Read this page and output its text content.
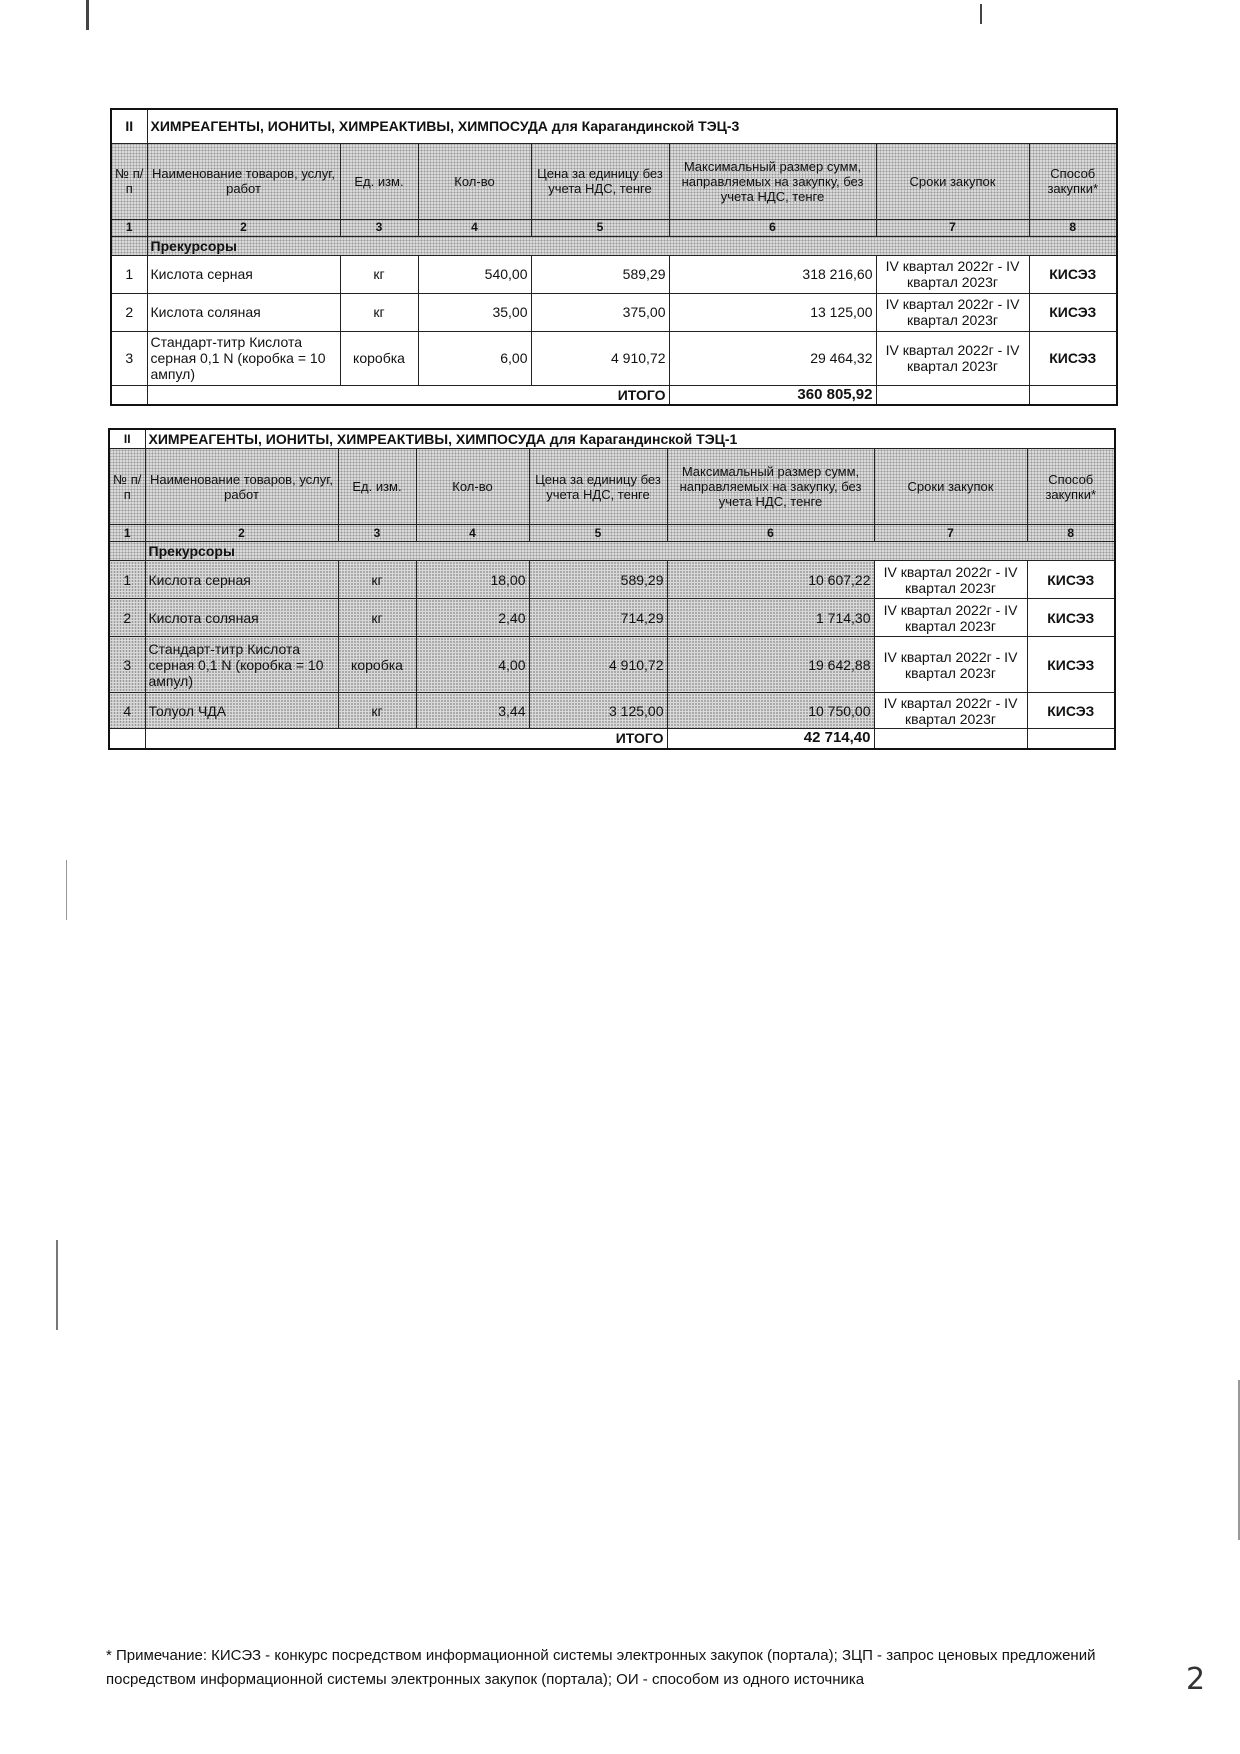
II	ХИМРЕАГЕНТЫ, ИОНИТЫ, ХИМРЕАКТИВЫ, ХИМПОСУДА для Карагандинской ТЭЦ-3						
№ п/п	Наименование товаров, услуг, работ	Ед. изм.	Кол-во	Цена за единицу без учета НДС, тенге	Максимальный размер сумм, направляемых на закупку, без учета НДС, тенге	Сроки закупок	Способ закупки*
1	2	3	4	5	6	7	8
	Прекурсоры						
1	Кислота серная	кг	540,00	589,29	318 216,60	IV квартал 2022г - IV квартал 2023г	КИСЭЗ
2	Кислота соляная	кг	35,00	375,00	13 125,00	IV квартал 2022г - IV квартал 2023г	КИСЭЗ
3	Стандарт-титр Кислота серная 0,1 N (коробка = 10 ампул)	коробка	6,00	4 910,72	29 464,32	IV квартал 2022г - IV квартал 2023г	КИСЭЗ
	ИТОГО				360 805,92		
II	ХИМРЕАГЕНТЫ, ИОНИТЫ, ХИМРЕАКТИВЫ, ХИМПОСУДА для Карагандинской ТЭЦ-1						
№ п/п	Наименование товаров, услуг, работ	Ед. изм.	Кол-во	Цена за единицу без учета НДС, тенге	Максимальный размер сумм, направляемых на закупку, без учета НДС, тенге	Сроки закупок	Способ закупки*
1	2	3	4	5	6	7	8
	Прекурсоры						
1	Кислота серная	кг	18,00	589,29	10 607,22	IV квартал 2022г - IV квартал 2023г	КИСЭЗ
2	Кислота соляная	кг	2,40	714,29	1 714,30	IV квартал 2022г - IV квартал 2023г	КИСЭЗ
3	Стандарт-титр Кислота серная 0,1 N (коробка = 10 ампул)	коробка	4,00	4 910,72	19 642,88	IV квартал 2022г - IV квартал 2023г	КИСЭЗ
4	Толуол ЧДА	кг	3,44	3 125,00	10 750,00	IV квартал 2022г - IV квартал 2023г	КИСЭЗ
	ИТОГО				42 714,40		
* Примечание: КИСЭЗ - конкурс посредством информационной системы электронных закупок (портала); ЗЦП - запрос ценовых предложений посредством информационной системы электронных закупок (портала); ОИ - способом из одного источника	2
